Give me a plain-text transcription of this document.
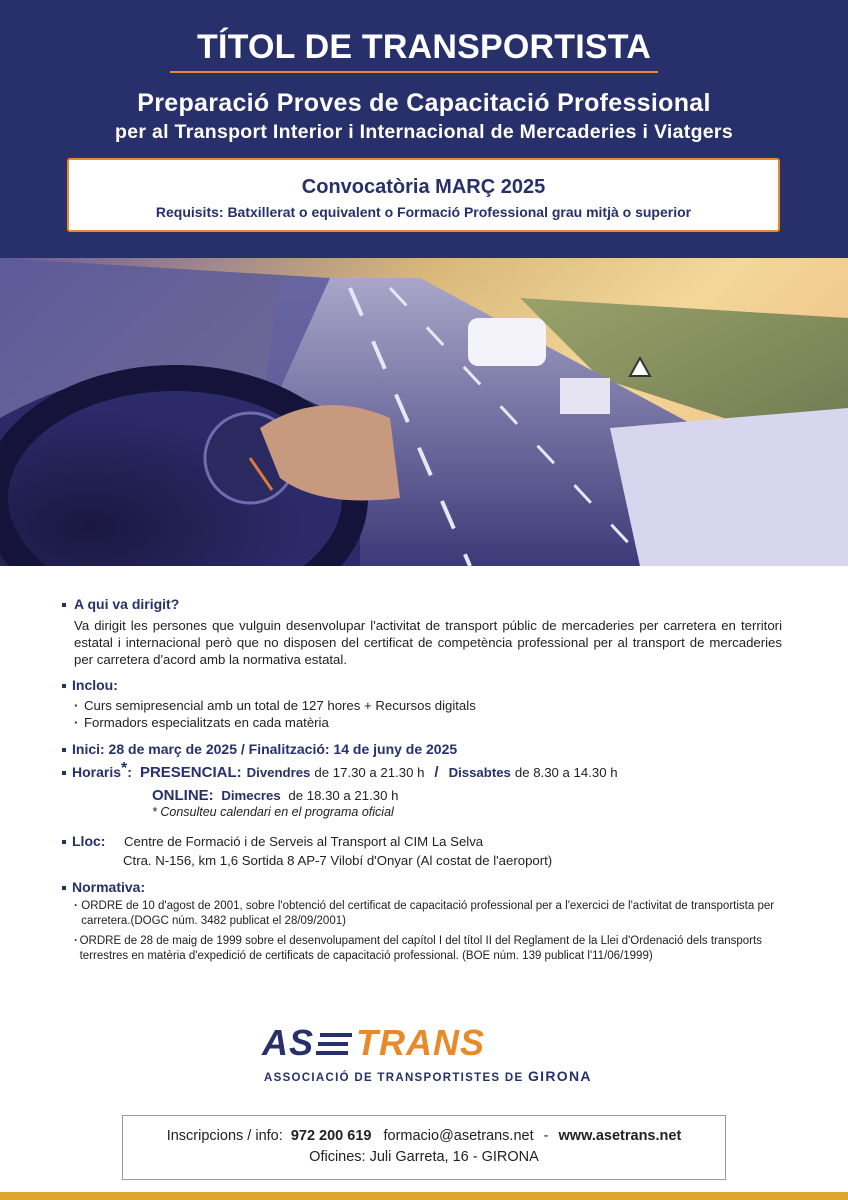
TÍTOL DE TRANSPORTISTA
Preparació Proves de Capacitació Professional
per al Transport Interior i Internacional de Mercaderies i Viatgers
Convocatòria MARÇ 2025
Requisits: Batxillerat o equivalent o Formació Professional grau mitjà o superior
A qui va dirigit?
Va dirigit les persones que vulguin desenvolupar l'activitat de transport públic de mercaderies per carretera en territori estatal i internacional però que no disposen del certificat de competència professional per al transport de mercaderies per carretera d'acord amb la normativa estatal.
Inclou:
· Curs semipresencial amb un total de 127 hores + Recursos digitals
· Formadors especialitzats en cada matèria
Inici: 28 de març de 2025 / Finalització: 14 de juny de 2025
Horaris * : PRESENCIAL: Divendres de 17.30 a 21.30 h / Dissabtes de 8.30 a 14.30 h
ONLINE: Dimecres de 18.30 a 21.30 h
* Consulteu calendari en el programa oficial
Lloc:	Centre de Formació i de Serveis al Transport al CIM La Selva
Ctra. N-156, km 1,6 Sortida 8 AP-7 Vilobí d'Onyar (Al costat de l'aeroport)
Normativa:
· ORDRE de 10 d'agost de 2001, sobre l'obtenció del certificat de capacitació professional per a l'exercici de l'activitat de transportista per carretera.(DOGC núm. 3482 publicat el 28/09/2001)
· ORDRE de 28 de maig de 1999 sobre el desenvolupament del capítol I del títol II del Reglament de la Llei d'Ordenació dels transports terrestres en matèria d'expedició de certificats de capacitació professional. (BOE núm. 139 publicat l'11/06/1999)
AS TRANS
ASSOCIACIÓ DE TRANSPORTISTES DE GIRONA
Inscripcions / info: 972 200 619 formacio@asetrans.net - www.asetrans.net
Oficines: Juli Garreta, 16 - GIRONA
